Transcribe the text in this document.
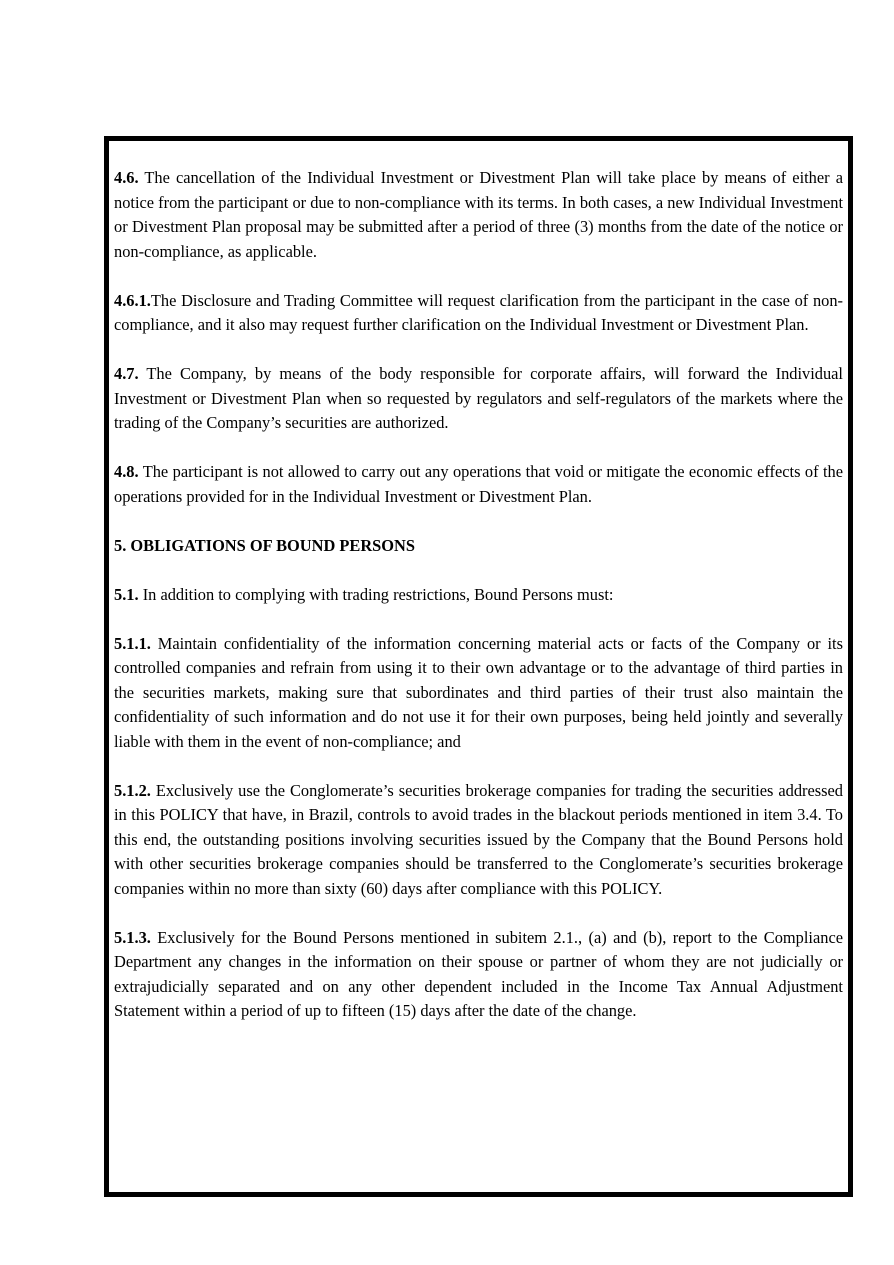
4.6. The cancellation of the Individual Investment or Divestment Plan will take place by means of either a notice from the participant or due to non-compliance with its terms. In both cases, a new Individual Investment or Divestment Plan proposal may be submitted after a period of three (3) months from the date of the notice or non-compliance, as applicable.

4.6.1.The Disclosure and Trading Committee will request clarification from the participant in the case of non-compliance, and it also may request further clarification on the Individual Investment or Divestment Plan.

4.7. The Company, by means of the body responsible for corporate affairs, will forward the Individual Investment or Divestment Plan when so requested by regulators and self-regulators of the markets where the trading of the Company’s securities are authorized.

4.8. The participant is not allowed to carry out any operations that void or mitigate the economic effects of the operations provided for in the Individual Investment or Divestment Plan.

5. OBLIGATIONS OF BOUND PERSONS

5.1. In addition to complying with trading restrictions, Bound Persons must:

5.1.1. Maintain confidentiality of the information concerning material acts or facts of the Company or its controlled companies and refrain from using it to their own advantage or to the advantage of third parties in the securities markets, making sure that subordinates and third parties of their trust also maintain the confidentiality of such information and do not use it for their own purposes, being held jointly and severally liable with them in the event of non-compliance; and

5.1.2. Exclusively use the Conglomerate’s securities brokerage companies for trading the securities addressed in this POLICY that have, in Brazil, controls to avoid trades in the blackout periods mentioned in item 3.4. To this end, the outstanding positions involving securities issued by the Company that the Bound Persons hold with other securities brokerage companies should be transferred to the Conglomerate’s securities brokerage companies within no more than sixty (60) days after compliance with this POLICY.

5.1.3. Exclusively for the Bound Persons mentioned in subitem 2.1., (a) and (b), report to the Compliance Department any changes in the information on their spouse or partner of whom they are not judicially or extrajudicially separated and on any other dependent included in the Income Tax Annual Adjustment Statement within a period of up to fifteen (15) days after the date of the change.
